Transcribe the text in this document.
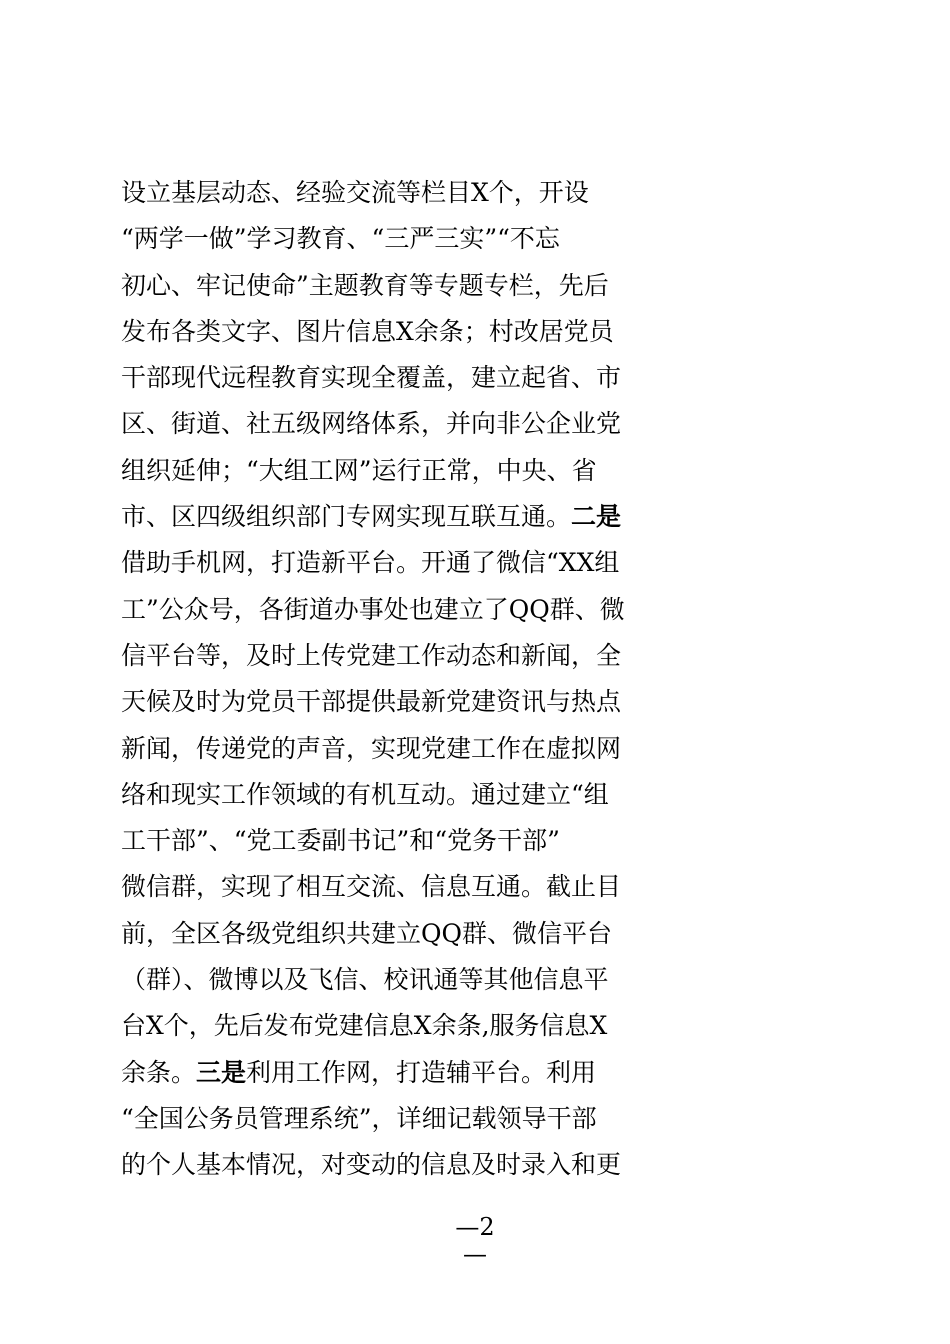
设立基层动态、经验交流等栏目X个，开设
“两学一做”学习教育、“三严三实”“不忘
初心、牢记使命”主题教育等专题专栏，先后
发布各类文字、图片信息X余条；村改居党员
干部现代远程教育实现全覆盖，建立起省、市
区、街道、社五级网络体系，并向非公企业党
组织延伸；“大组工网”运行正常，中央、省
市、区四级组织部门专网实现互联互通。二是
借助手机网，打造新平台。开通了微信“XX组
工”公众号，各街道办事处也建立了QQ群、微
信平台等，及时上传党建工作动态和新闻，全
天候及时为党员干部提供最新党建资讯与热点
新闻，传递党的声音，实现党建工作在虚拟网
络和现实工作领域的有机互动。通过建立“组
工干部”、“党工委副书记”和“党务干部”
微信群，实现了相互交流、信息互通。截止目
前，全区各级党组织共建立QQ群、微信平台
（群）、微博以及飞信、校讯通等其他信息平
台X个，先后发布党建信息X余条,服务信息X
余条。三是利用工作网，打造辅平台。利用
“全国公务员管理系统”，详细记载领导干部
的个人基本情况，对变动的信息及时录入和更
—2
—
